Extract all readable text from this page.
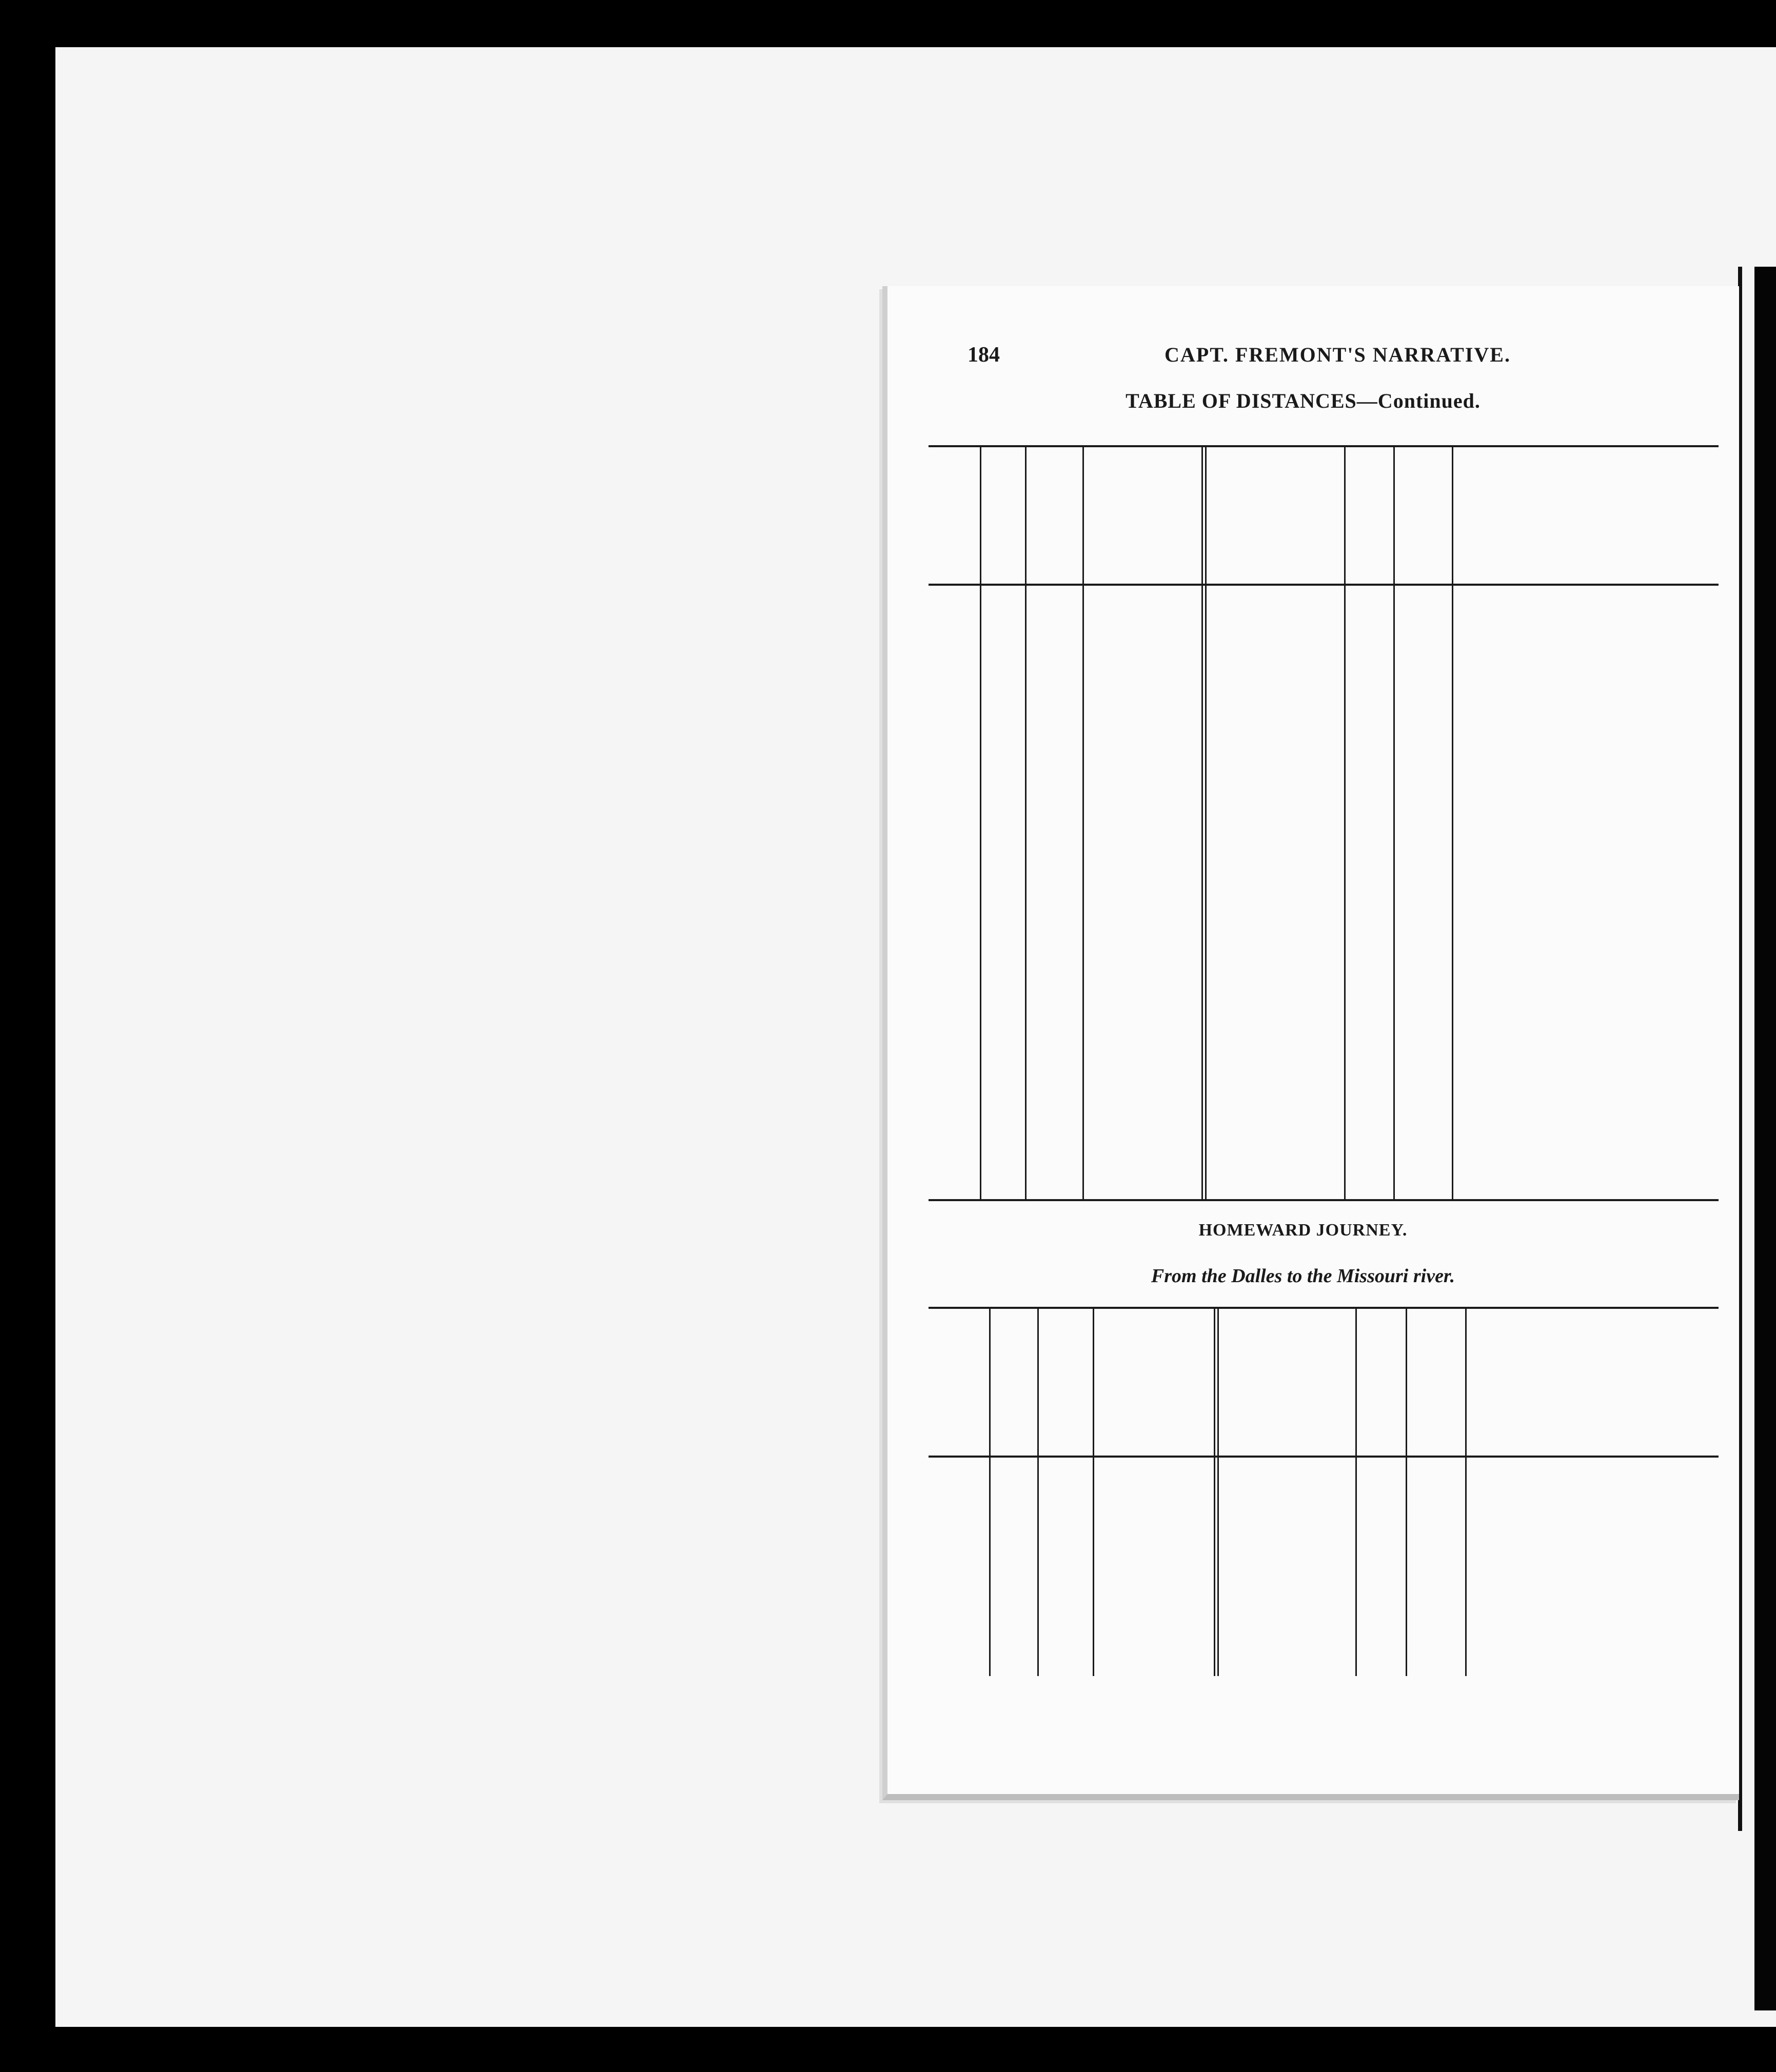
184	CAPT. FREMONT'S NARRATIVE.
TABLE OF DISTANCES—Continued.
HOMEWARD JOURNEY.
From the Dalles to the Missouri river.
